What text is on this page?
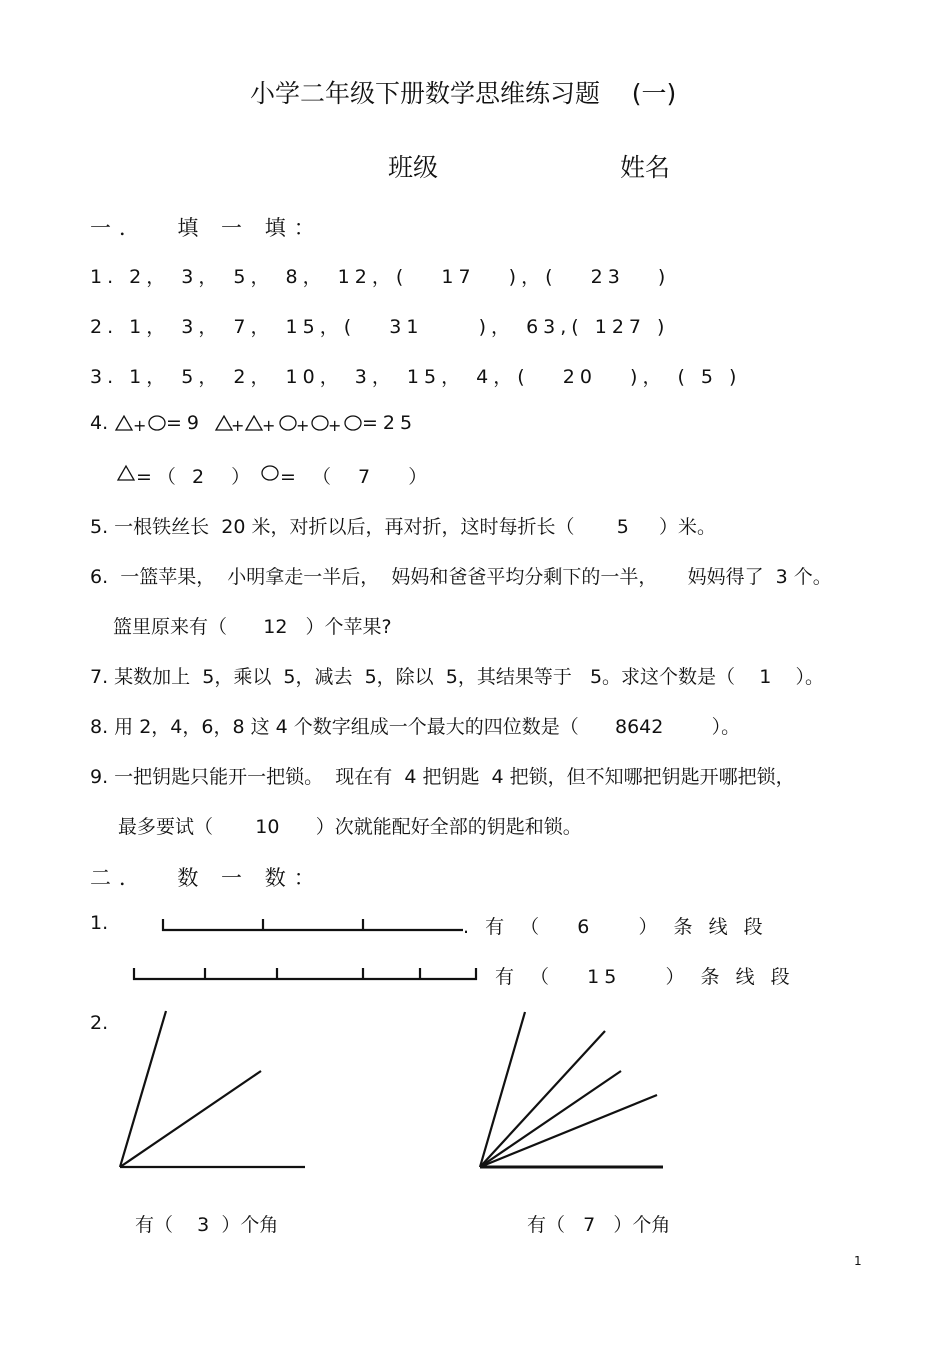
小学二年级下册数学思维练习题    (一)
班级	姓名
一．  填 一 填：
1. 2， 3， 5， 8， 12，(   17   )，(   23   )
2. 1， 3， 7， 15，(   31     )， 63,( 127 )
3. 1， 5， 2， 10， 3， 15， 4，(   20   )， ( 5 )
4.	=9	=25
=（ 2  ） = （  7   ）
5. 一根铁丝长  20 米，对折以后，再对折，这时每折长（       5     ）米。
6.  一篮苹果，  小明拿走一半后，  妈妈和爸爸平均分剩下的一半，     妈妈得了  3 个。
篮里原来有（      12   ）个苹果?
7. 某数加上  5，乘以  5，减去  5，除以  5，其结果等于   5。求这个数是（    1    ）。
8. 用 2，4，6，8 这 4 个数字组成一个最大的四位数是（      8642        ）。
9. 一把钥匙只能开一把锁。  现在有  4 把钥匙  4 把锁，但不知哪把钥匙开哪把锁，
最多要试（       10      ）次就能配好全部的钥匙和锁。
二．  数 一 数：
1.	. 有 （   6    ） 条 线 段
有 （   15    ） 条 线 段
2.
有（    3  ）个角	有（   7   ）个角
1
+	+ + + +
